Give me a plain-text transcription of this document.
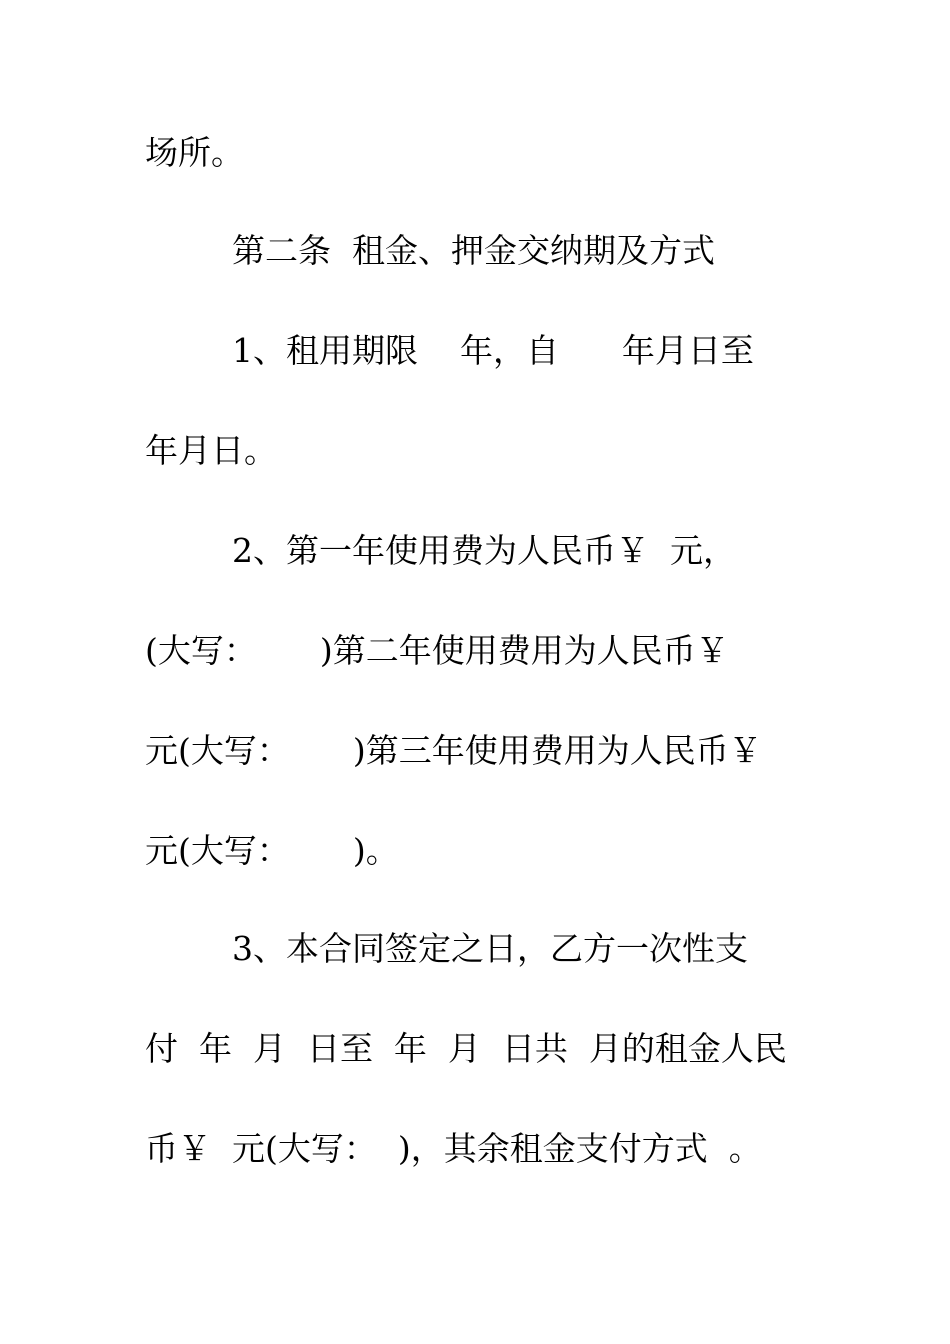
场所。
第二条  租金、押金交纳期及方式
1、租用期限    年，自      年月日至
年月日。
2、第一年使用费为人民币￥  元，
(大写：      )第二年使用费用为人民币￥
元(大写：      )第三年使用费用为人民币￥
元(大写：      )。
3、本合同签定之日，乙方一次性支
付  年  月  日至  年  月  日共  月的租金人民
币￥  元(大写：  )，其余租金支付方式  。
